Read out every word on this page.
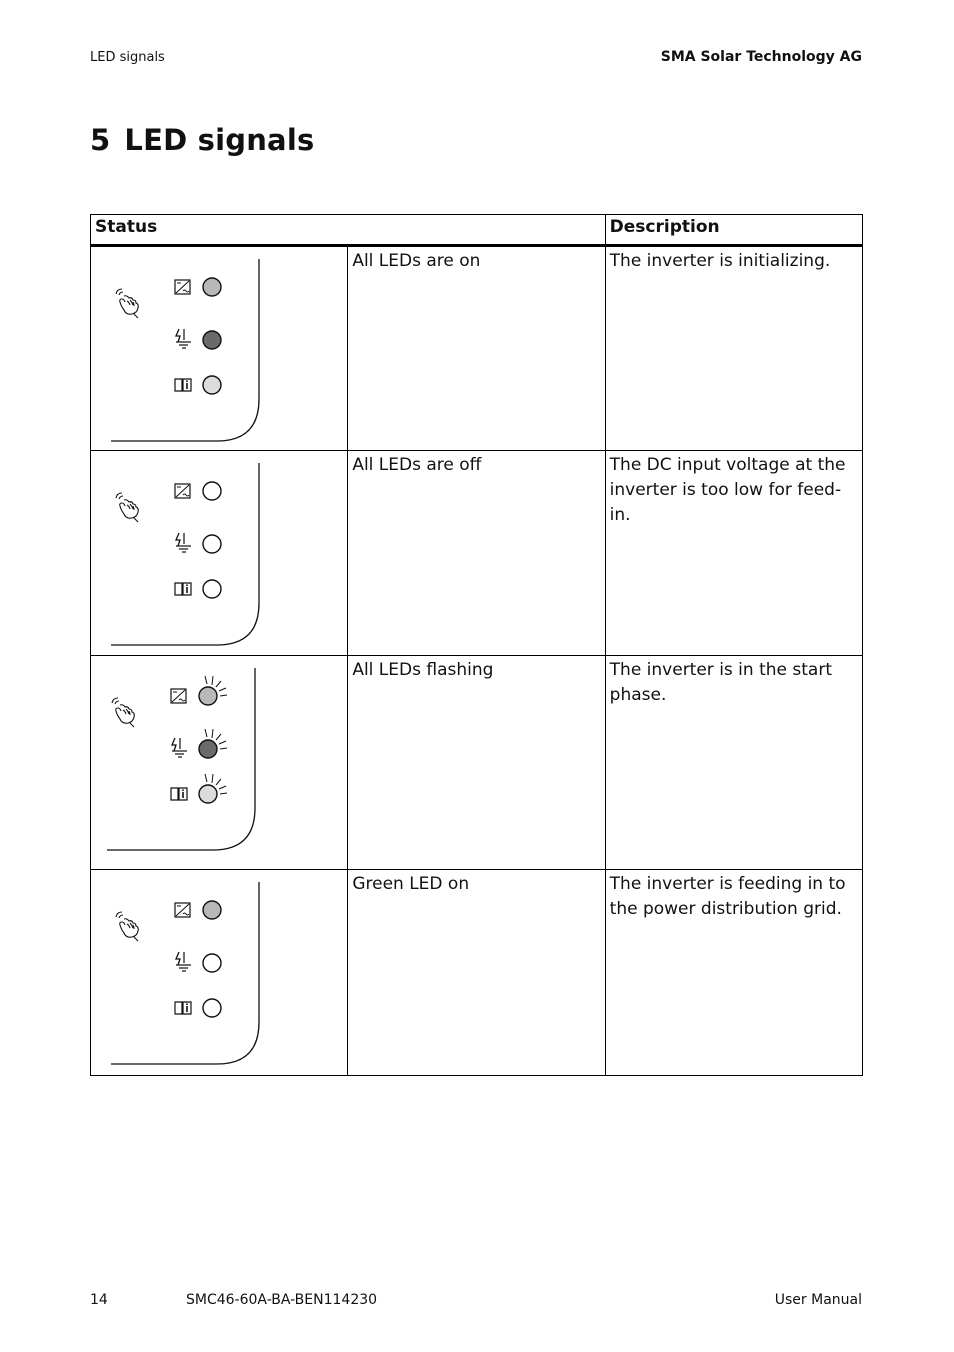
LED signals	SMA Solar Technology AG
5 LED signals
Status		Description

	All LEDs are on	The inverter is initializing.

	All LEDs are off	The DC input voltage at the inverter is too low for feed-in.

	All LEDs flashing	The inverter is in the start phase.

	Green LED on	The inverter is feeding in to the power distribution grid.
14	SMC46-60A-BA-BEN114230	User Manual
